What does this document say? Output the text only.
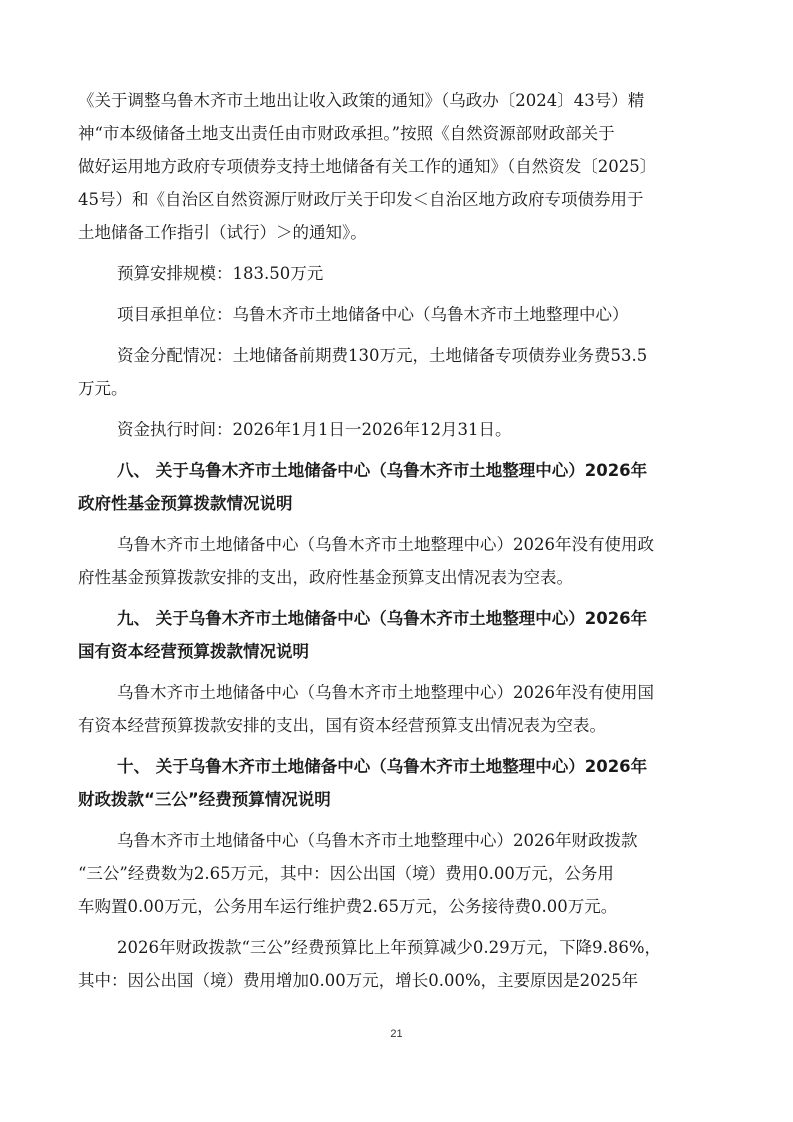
《关于调整乌鲁木齐市土地出让收入政策的通知》（乌政办〔2024〕43号）精
神“市本级储备土地支出责任由市财政承担。”按照《自然资源部财政部关于
做好运用地方政府专项债券支持土地储备有关工作的通知》（自然资发〔2025〕
45号）和《自治区自然资源厅财政厅关于印发＜自治区地方政府专项债券用于
土地储备工作指引（试行）＞的通知》。
预算安排规模：183.50万元
项目承担单位：乌鲁木齐市土地储备中心（乌鲁木齐市土地整理中心）
资金分配情况：土地储备前期费130万元，土地储备专项债券业务费53.5
万元。
资金执行时间：2026年1月1日一2026年12月31日。
八、 关于乌鲁木齐市土地储备中心（乌鲁木齐市土地整理中心）2026年
政府性基金预算拨款情况说明
乌鲁木齐市土地储备中心（乌鲁木齐市土地整理中心）2026年没有使用政
府性基金预算拨款安排的支出，政府性基金预算支出情况表为空表。
九、 关于乌鲁木齐市土地储备中心（乌鲁木齐市土地整理中心）2026年
国有资本经营预算拨款情况说明
乌鲁木齐市土地储备中心（乌鲁木齐市土地整理中心）2026年没有使用国
有资本经营预算拨款安排的支出，国有资本经营预算支出情况表为空表。
十、 关于乌鲁木齐市土地储备中心（乌鲁木齐市土地整理中心）2026年
财政拨款“三公”经费预算情况说明
乌鲁木齐市土地储备中心（乌鲁木齐市土地整理中心）2026年财政拨款
“三公”经费数为2.65万元，其中：因公出国（境）费用0.00万元，公务用
车购置0.00万元，公务用车运行维护费2.65万元，公务接待费0.00万元。
2026年财政拨款“三公”经费预算比上年预算减少0.29万元，下降9.86%，
其中：因公出国（境）费用增加0.00万元，增长0.00%，主要原因是2025年
21
